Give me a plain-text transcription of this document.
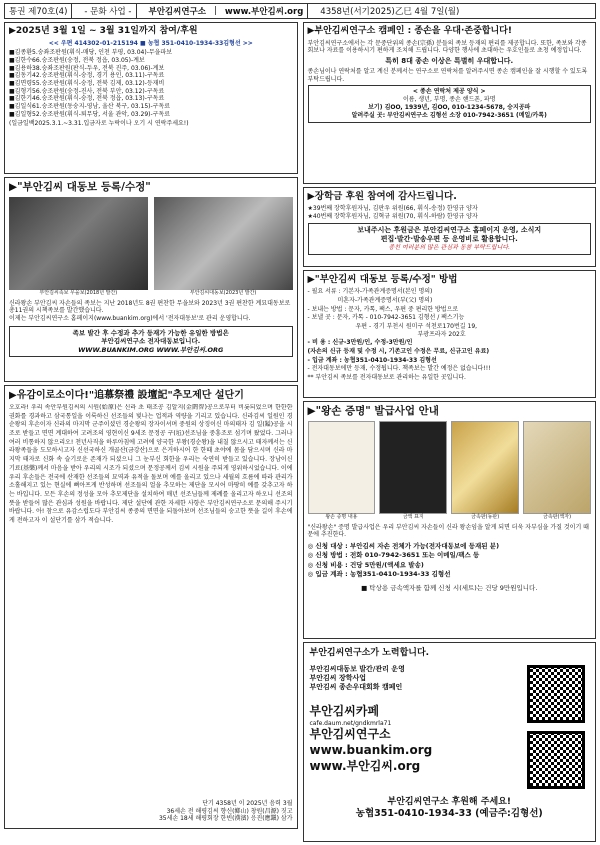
통권 제70호(4)	- 문화 사업 -	부안김씨연구소 | www.부안김씨.org	4358년(서기2025)乙巳 4월 7일(월)
▶2025년 3월 1일 ~ 3월 31일까지 참여/후원
<< 우편 414302-01-215194 ■ 농협 351-0410-1934-33김형선 >>
■김종환5.숭좌조판원(휘식-매당, 인천 부평, 03.04)-무을파보
■김한수66.숭조판원(숭정, 전북 정읍, 03.05)-계보
■김용하38.숭좌조판원(판식-두우, 전북 진주, 03.06)-계보
■김동기42.숭조판원(휘식-숭정, 경기 용인, 03.11)-구독료
■김면령55.숭조판원(휘식-숭정, 전북 김제, 03.12)-등재비
■김형기56.숭조판원(숭정-진사, 전북 부안, 03.12)-구독료
■김한기46.숭조판원(휘식-숭정, 전북 정읍, 03.13)-구독료
■김일식61.숭조판원(동숭지-영남, 울산 북구, 03.15)-구독료
■김일형52.숭조판원(휘식-퇴무당, 서울 관악, 03.29)-구독료
(일금일백2025.3.1.~3.31.입금자로 누락이나 오기 시 연락주세요!)
▶"부안김씨 대동보 등록/수정"
부안김씨족보 무을보(2018년 발간)	부안김씨대동보(2023년 발간)
신라왕손 부안김씨 자손들의 족보는 지난 2018년도 8권 편찬한 무을보와 2023년 3권 편찬한 계묘대동보로 총11권의 시책족보를 발간했습니다.
이제는 부안김씨연구소 홈페이지(www.buankim.org)에서 '전자대동보'로 관리 운영합니다.
족보 발간 후 수정과 추가 등재가 가능한 유일한 방법은
부안김씨연구소 전자대동보입니다.
WWW.BUANKIM.ORG WWW.부안김씨.ORG
▶유감이로소이다!"追慕祭禮 設壇記"추모제단 설단기
오호라! 우리 속안부원김씨의 시원(始原)은 신라 초 태조공 김알지(金閼智)공으로부터 비롯되었으며 한한한 권화를 경과하고 삼국통일을 이룩하신 선조들의 빛나는 업적과 역량을 기리고 있습니다. 신라김씨 일원인 경순왕의 후손이자 신라의 마지막 군주이셨던 경순왕의 장자이셔며 중원의 상징이신 마의태자 김 일(鎰)공을 시조로 받들고 면면 계대하여 고려조의 영현이신 9세조 문정공 구(坵)선조님을 중흥조로 섬기며 왔었다. 그러나 여러 비통하지 않으리오! 천년사직을 하루아침에 고려에 양국한 부왕(경순왕)을 내칠 않으시고 태자께서는 신라왕족들을 도모하시고자 신선국하신 개골산(금강산)으로 은거하시어 한 한때 초야에 몸을 담으시며 신라 마지막 태자로 신화 속 슬기로운 존재가 되셨으니 그 눈부신 회한을 우리는 숙연히 받들고 있습니다. 장남이신 기료(基樂)께서 마음을 받아 우리의 시조가 되셨으며 문정공께서 김씨 시원을 주되게 영위하시었습니다. 이에 우리 후손들은 전국에 산재한 선조들의 묘역과 유적을 돌보며 예를 올리고 있으나 세월의 흐름에 따라 관리가 소홀해지고 있는 현실에 뼈아프게 반성하며 선조들의 얼을 추모하는 제단을 모시어 마땅히 예를 갖추고자 하는 바입니다. 모든 후손의 정성을 모아 추모제단을 설치하여 매년 선조님들께 제례를 올리고자 하오니 선조의 뜻을 받들어 많은 관심과 성원을 바랍니다. 제단 설단에 관한 자세한 사항은 부안김씨연구소로 문의해 주시기 바랍니다. 아! 참으로 유감스럽도다 부안김씨 종중의 면면을 되돌아보며 선조님들의 숭고한 뜻을 길이 후손에게 전하고자 이 설단기를 삼가 적습니다.
단기 4358년 이 2025년 음력 3월
36세손 전 해평김씨 향신(鄕山) 창원(昌源) 짓고
35세손 18세 해평회장 한빈(漢濱) 응진(應鎭) 삼가
▶부안김씨연구소 캠페인 : 종손을 우대·존중합니다!
부안김씨연구소에서는 각 문중단위의 종손(宗孫) 분들의 족보 등재의 편리를 제공합니다. 또한, 족보와 각종 회보나 자료를 이용하시기 편하게 조치해 드립니다. 다양한 행사에 초대하는 우호인들로 초청 예정입니다.
특히 8대 종손 이상은 특별히 우대합니다.
종손님이나 연락처를 알고 계신 분께서는 연구소로 연락처를 알려주시면 종손 캠페인을 잘 시행할 수 있도록 부탁드립니다.
< 종손 연락처 제공 양식 >
이름, 생년, 부명, 종손 핸드폰, 파명
보기) 김OO, 1939년, 김OO, 010-1234-5678, 승지공파
알려주실 곳: 부안김씨연구소 김형선 소장 010-7942-3651 (메일/카톡)
▶장학금 후원 참여에 감사드립니다.
★39번째 장학후원자님, 김판우 위원(66, 휘식-송정) 한영규 양자
★40번째 장학후원자님, 김혁규 위원(70, 휘식-하람) 한영규 양자
보내주시는 후원금은 부안김씨연구소 홈페이지 운영, 소식지
편집·발간·발송우편 등 운영비로 활용합니다.
종친 여러분의 많은 관심과 동참 부탁드립니다.
▶"부안김씨 대동보 등록/수정" 방법
- 필요 서류 : 기본자-가족관계증명서(본인 명의)
미혼자-가족관계증명서(부(父) 명의)
- 보내는 방법 : 문자, 카톡, 팩스, 우편 중 편리한 방법으로
- 보낼 곳 : 문자, 카톡 - 010-7942-3651 김형선 / 팩스기능
우편 - 경기 부천시 원미구 석천로170번길 19,
부광프라자 202호
- 비 용 : 신규-3만원/인, 수정-3만원/인
(자손의 신규 등재 및 수정 시, 기존고인 수정은 무료, 신규고인 유료)
- 입금 계좌 : 농협351-0410-1934-33 김형선
- 전자대동보에만 등재, 수정됩니다. 책족보는 발간 예정은 없습니다!!!
** 부안김씨 족보를 전자대동보로 관리하는 유일한 곳입니다.
▶"왕손 증명" 발급사업 안내
왕손 증명 내용	금액 표지	금속판(동판)	금속판(액자)
"신라왕손" 증명 발급사업은 우리 부안김씨 자손들이 신라 왕손임을 알게 되면 더욱 자부심을 가질 것이기 때문에 추진한다.
◎ 신청 대상 : 부안김씨 자손 전체가 가능(전자대동보에 등재된 분)
◎ 신청 방법 : 전화 010-7942-3651 또는 이메일/팩스 등
◎ 신청 비용 : 건당 5만원/(액세요 발송)
◎ 입금 계좌 : 농협351-0410-1934-33 김형선
■ 탁상용 금속액자를 함께 신청 시(세트)는 건당 9만원입니다.
부안김씨연구소가 노력합니다.
부안김씨대동보 발간/관리 운영
부안김씨 장학사업
부안김씨 종손우대회화 캠페인
부안김씨카페
cafe.daum.net/gndkmrla71
부안김씨연구소
www.buankim.org
www.부안김씨.org
부안김씨연구소 후원해 주세요!
농협351-0410-1934-33 (예금주:김형선)
